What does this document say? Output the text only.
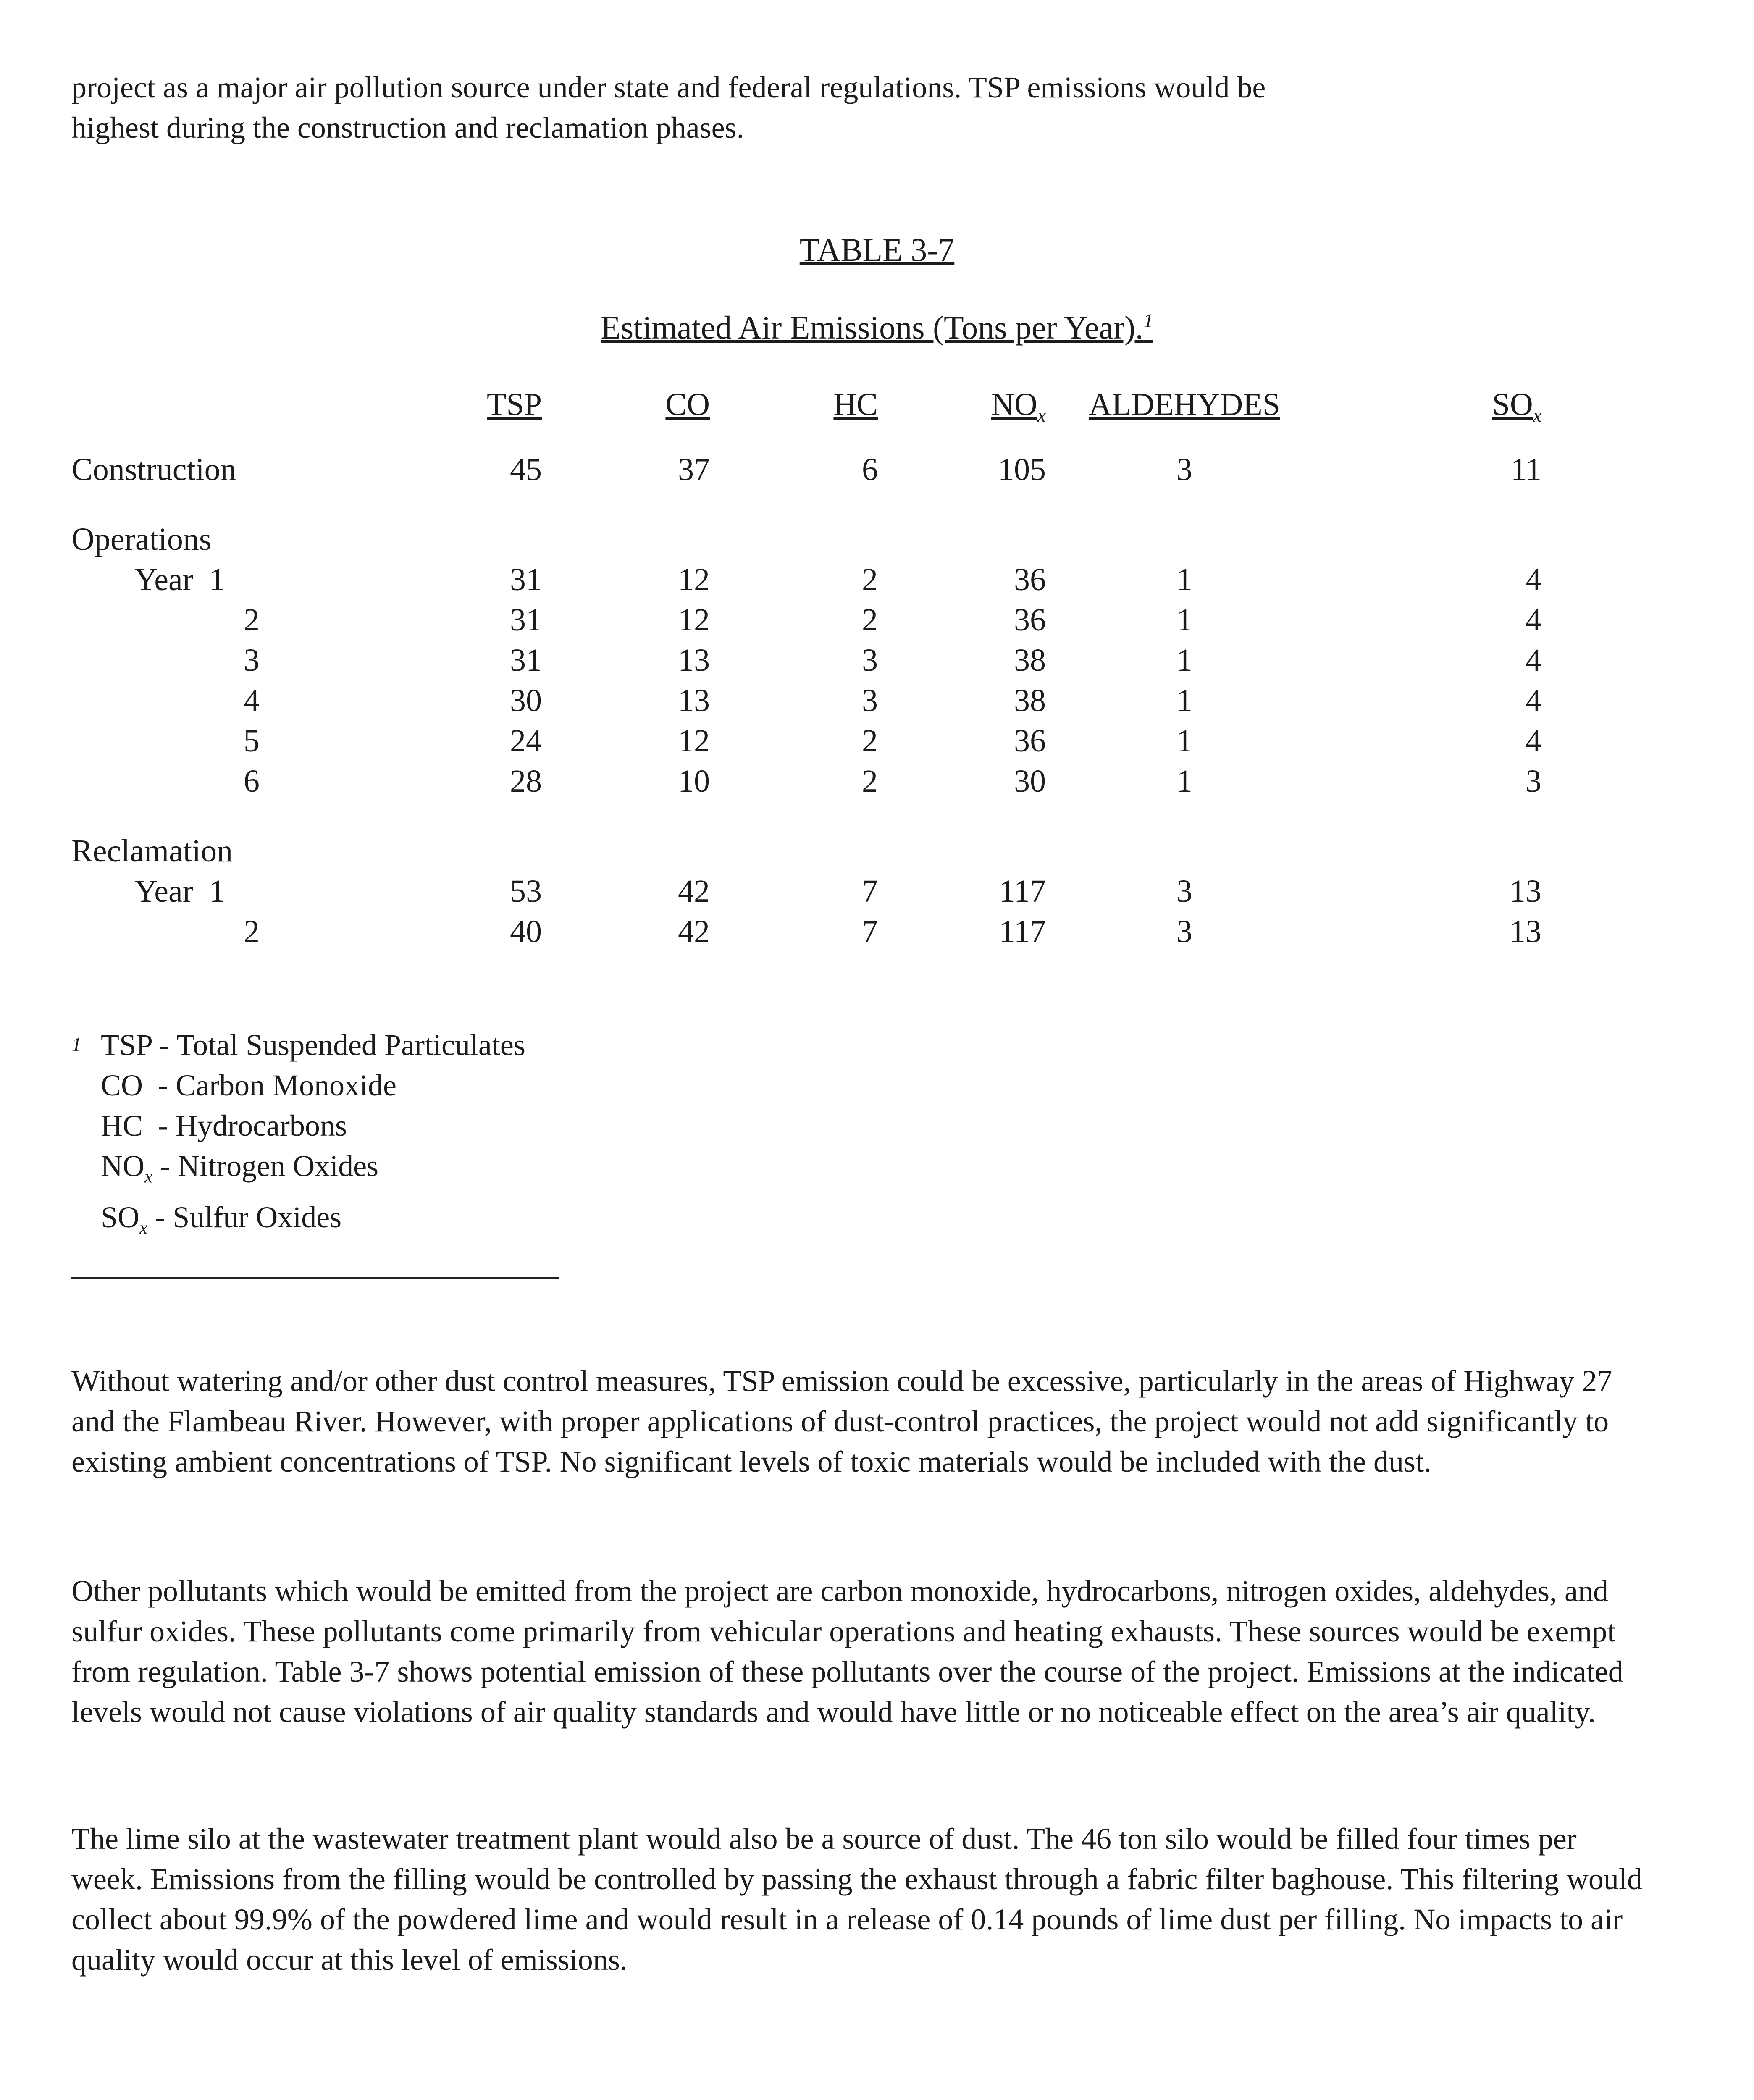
project as a major air pollution source under state and federal regulations. TSP emissions would be
highest during the construction and reclamation phases.

TABLE 3-7

Estimated Air Emissions (Tons per Year).$^1$

	TSP	CO	HC	$NO_x$	ALDEHYDES	$SO_x$
Construction	45	37	6	105	3	11

Operations						
Year 1	31	12	2	36	1	4
2	31	12	2	36	1	4
3	31	13	3	38	1	4
4	30	13	3	38	1	4
5	24	12	2	36	1	4
6	28	10	2	30	1	3

Reclamation						
Year 1	53	42	7	117	3	13
2	40	42	7	117	3	13
1 TSP - Total Suspended Particulates
CO - Carbon Monoxide
HC - Hydrocarbons
$NO_x$ - Nitrogen Oxides
$SO_x$ - Sulfur Oxides

Without watering and/or other dust control measures, TSP emission could be excessive, particularly in the areas of Highway 27 and the Flambeau River. However, with proper applications of dust-control practices, the project would not add significantly to existing ambient concentrations of TSP. No significant levels of toxic materials would be included with the dust.

Other pollutants which would be emitted from the project are carbon monoxide, hydrocarbons, nitrogen oxides, aldehydes, and sulfur oxides. These pollutants come primarily from vehicular operations and heating exhausts. These sources would be exempt from regulation. Table 3-7 shows potential emission of these pollutants over the course of the project. Emissions at the indicated levels would not cause violations of air quality standards and would have little or no noticeable effect on the area’s air quality.

The lime silo at the wastewater treatment plant would also be a source of dust. The 46 ton silo would be filled four times per week. Emissions from the filling would be controlled by passing the exhaust through a fabric filter baghouse. This filtering would collect about 99.9% of the powdered lime and would result in a release of 0.14 pounds of lime dust per filling. No impacts to air quality would occur at this level of emissions.
